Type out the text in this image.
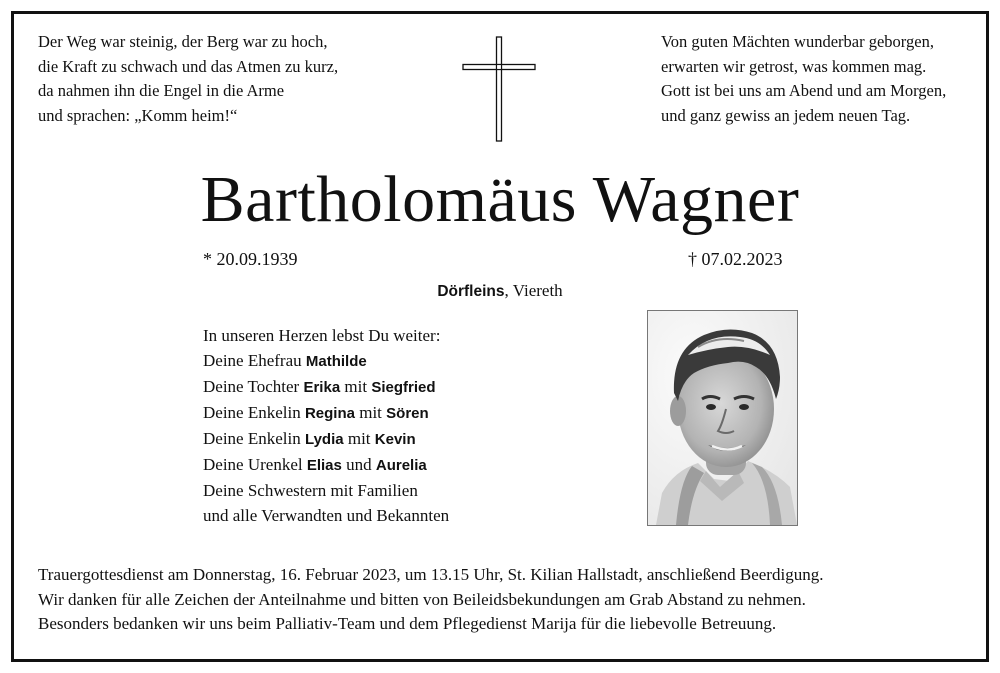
Der Weg war steinig, der Berg war zu hoch,
die Kraft zu schwach und das Atmen zu kurz,
da nahmen ihn die Engel in die Arme
und sprachen: „Komm heim!“
Von guten Mächten wunderbar geborgen,
erwarten wir getrost, was kommen mag.
Gott ist bei uns am Abend und am Morgen,
und ganz gewiss an jedem neuen Tag.
Bartholomäus Wagner
* 20.09.1939	† 07.02.2023
Dörfleins, Viereth
In unseren Herzen lebst Du weiter:
Deine Ehefrau Mathilde
Deine Tochter Erika mit Siegfried
Deine Enkelin Regina mit Sören
Deine Enkelin Lydia mit Kevin
Deine Urenkel Elias und Aurelia
Deine Schwestern mit Familien
und alle Verwandten und Bekannten
Trauergottesdienst am Donnerstag, 16. Februar 2023, um 13.15 Uhr, St. Kilian Hallstadt, anschließend Beerdigung.
Wir danken für alle Zeichen der Anteilnahme und bitten von Beileidsbekundungen am Grab Abstand zu nehmen.
Besonders bedanken wir uns beim Palliativ-Team und dem Pflegedienst Marija für die liebevolle Betreuung.
